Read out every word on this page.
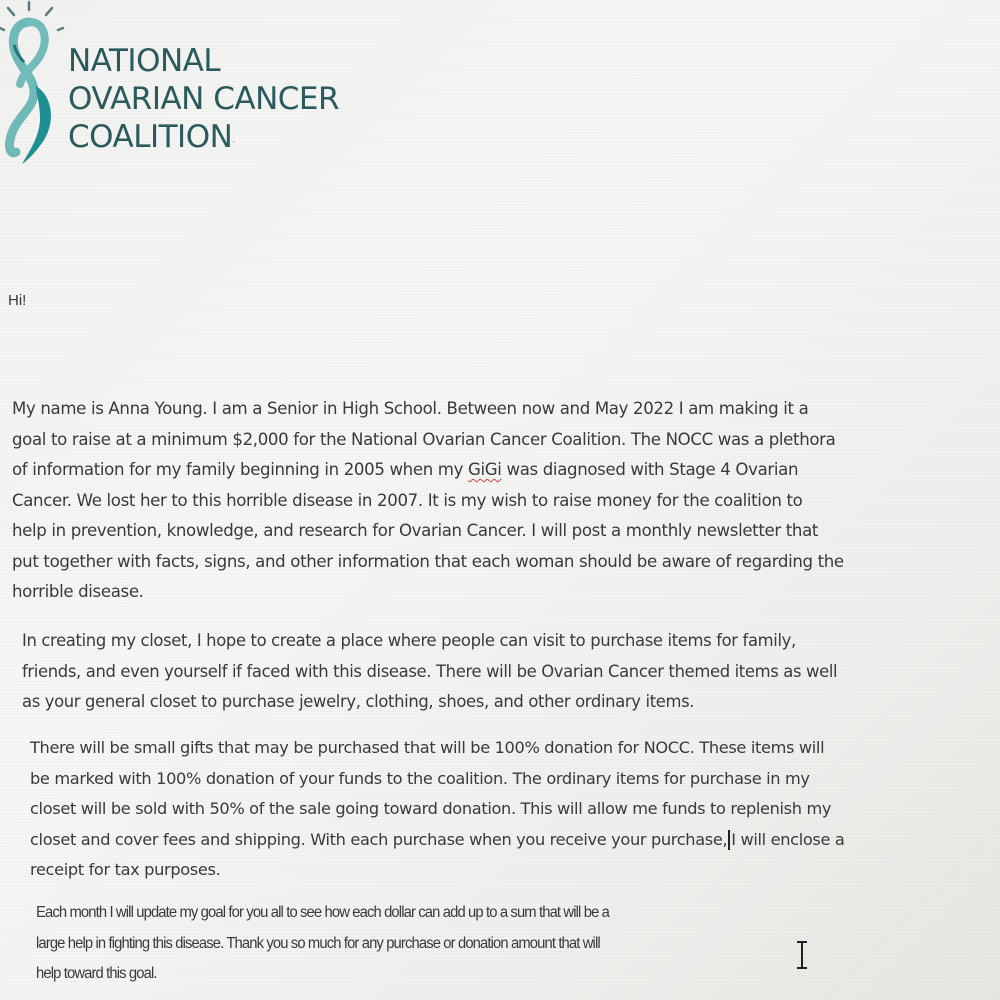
NATIONAL
OVARIAN CANCER
COALITION·
Hi!
My name is Anna Young. I am a Senior in High School. Between now and May 2022 I am making it a
goal to raise at a minimum $2,000 for the National Ovarian Cancer Coalition. The NOCC was a plethora
of information for my family beginning in 2005 when my GiGi was diagnosed with Stage 4 Ovarian
Cancer. We lost her to this horrible disease in 2007. It is my wish to raise money for the coalition to
help in prevention, knowledge, and research for Ovarian Cancer. I will post a monthly newsletter that
put together with facts, signs, and other information that each woman should be aware of regarding the
horrible disease.
In creating my closet, I hope to create a place where people can visit to purchase items for family,
friends, and even yourself if faced with this disease. There will be Ovarian Cancer themed items as well
as your general closet to purchase jewelry, clothing, shoes, and other ordinary items.
There will be small gifts that may be purchased that will be 100% donation for NOCC. These items will
be marked with 100% donation of your funds to the coalition. The ordinary items for purchase in my
closet will be sold with 50% of the sale going toward donation. This will allow me funds to replenish my
closet and cover fees and shipping. With each purchase when you receive your purchase, I will enclose a
receipt for tax purposes.
Each month I will update my goal for you all to see how each dollar can add up to a sum that will be a
large help in fighting this disease. Thank you so much for any purchase or donation amount that will
help toward this goal.
